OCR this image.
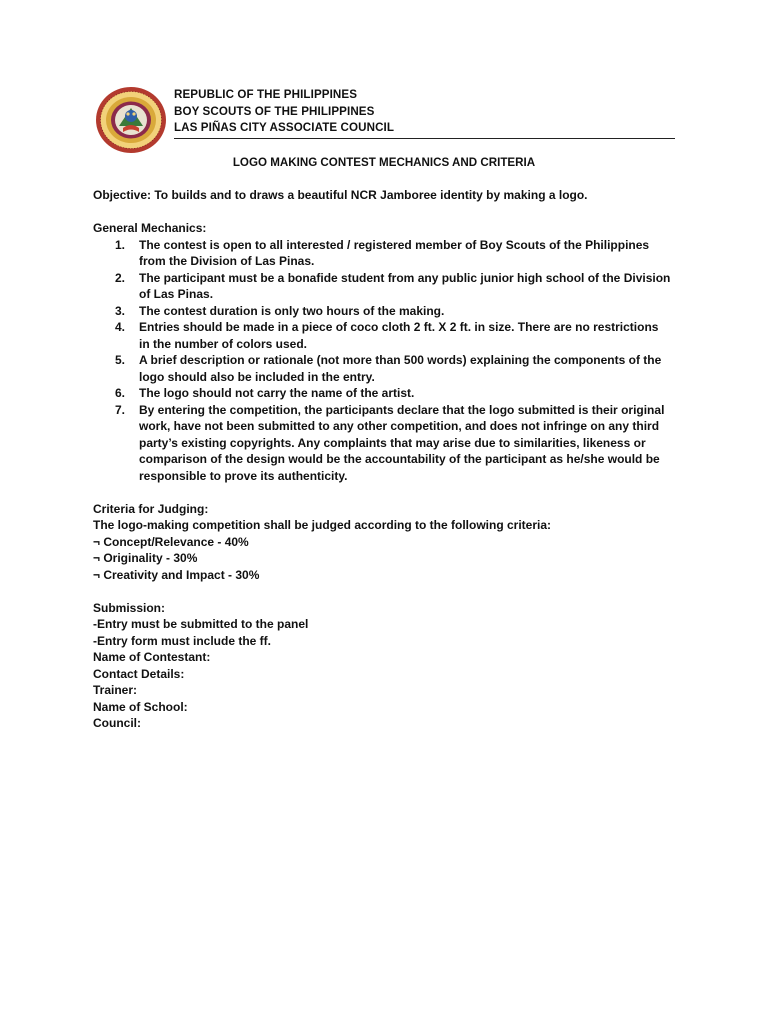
REPUBLIC OF THE PHILIPPINES
BOY SCOUTS OF THE PHILIPPINES
LAS PIÑAS CITY ASSOCIATE COUNCIL
LOGO MAKING CONTEST MECHANICS AND CRITERIA

Objective: To builds and to draws a beautiful NCR Jamboree identity by making a logo.

General Mechanics:

1. The contest is open to all interested / registered member of Boy Scouts of the Philippines
from the Division of Las Pinas.
2. The participant must be a bonafide student from any public junior high school of the Division
of Las Pinas.
3. The contest duration is only two hours of the making.
4. Entries should be made in a piece of coco cloth 2 ft. X 2 ft. in size. There are no restrictions
in the number of colors used.
5. A brief description or rationale (not more than 500 words) explaining the components of the
logo should also be included in the entry.
6. The logo should not carry the name of the artist.
7. By entering the competition, the participants declare that the logo submitted is their original
work, have not been submitted to any other competition, and does not infringe on any third
party’s existing copyrights. Any complaints that may arise due to similarities, likeness or
comparison of the design would be the accountability of the participant as he/she would be
responsible to prove its authenticity.

Criteria for Judging:

The logo-making competition shall be judged according to the following criteria:

¬ Concept/Relevance - 40%

¬ Originality - 30%

¬ Creativity and Impact - 30%

Submission:

-Entry must be submitted to the panel

-Entry form must include the ff.

Name of Contestant:

Contact Details:

Trainer:

Name of School:

Council:
